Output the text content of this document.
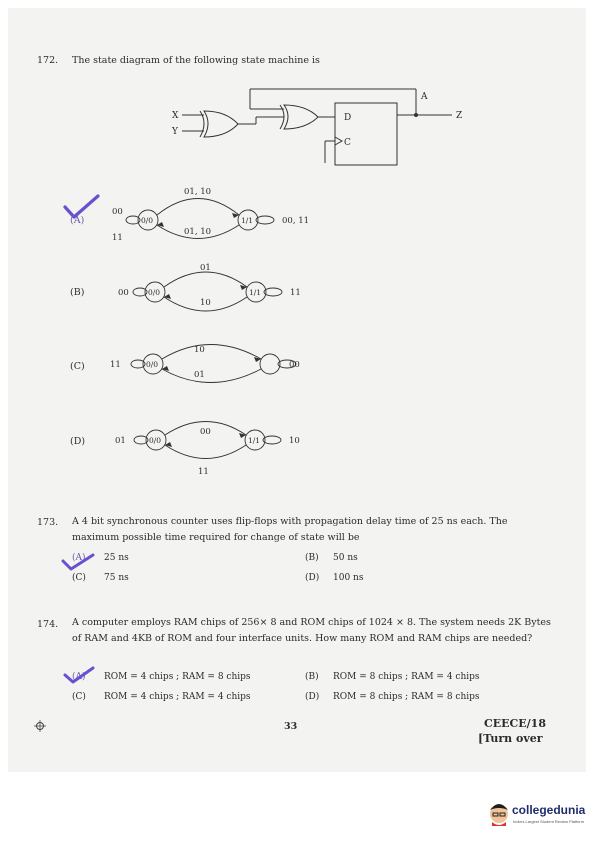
172. The state diagram of the following state machine is
X
Y
D
C
A
Z
0/0	1/1
01, 10
01, 10
00
11
00, 11
(A)
(B)	0/0	1/1
01
10
00	11
(C)	0/0
10
01
11	00
(D)	0/0	1/1
00
11
01	10
173. A 4 bit synchronous counter uses flip-flops with propagation delay time of 25 ns each. The maximum possible time required for change of state will be
(A) 25 ns	(B) 50 ns
(C) 75 ns	(D) 100 ns
174. A computer employs RAM chips of 256× 8 and ROM chips of 1024 × 8. The system needs 2K Bytes of RAM and 4KB of ROM and four interface units. How many ROM and RAM chips are needed?
(A) ROM = 4 chips ; RAM = 8 chips	(B) ROM = 8 chips ; RAM = 4 chips
(C) ROM = 4 chips ; RAM = 4 chips	(D) ROM = 8 chips ; RAM = 8 chips
33	CEECE/18
[Turn over
collegedunia
India's Largest Student Review Platform
